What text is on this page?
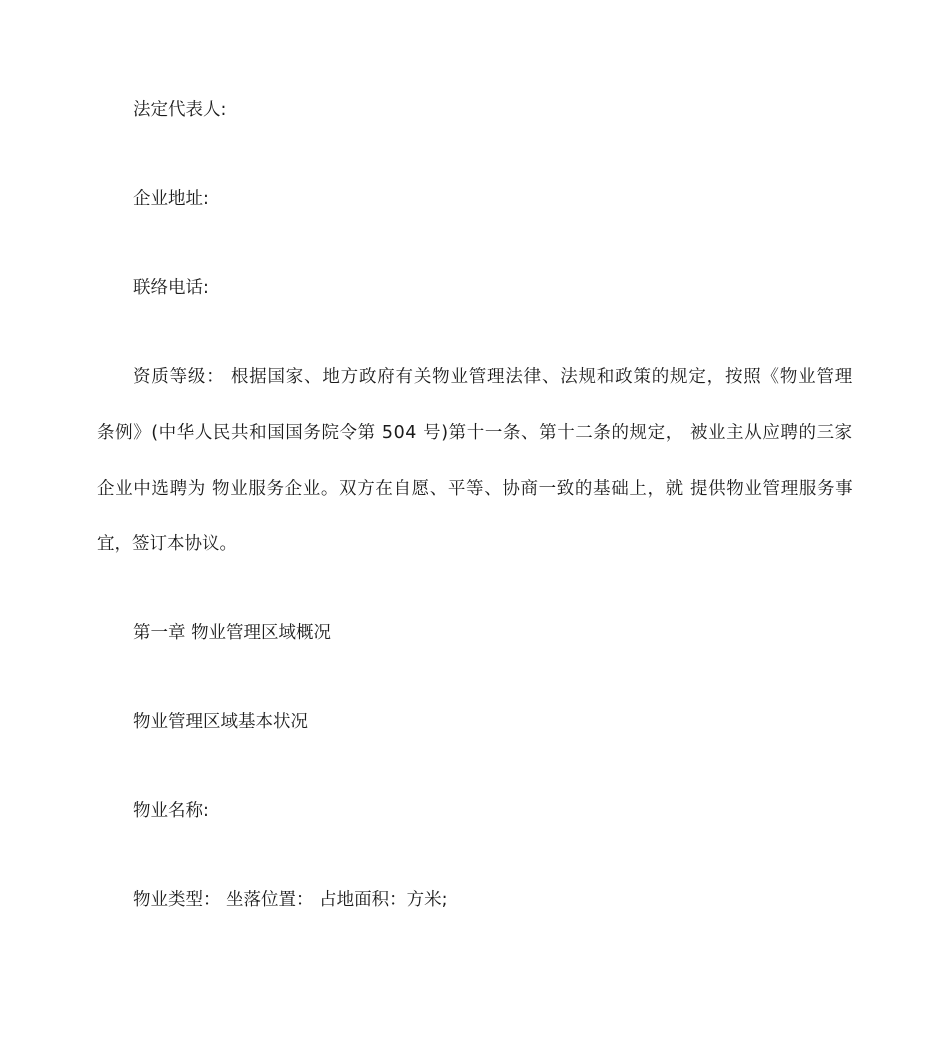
法定代表人:
企业地址:
联络电话:
资质等级： 根据国家、地方政府有关物业管理法律、法规和政策的规定，按照《物业管理
条例》(中华人民共和国国务院令第 504 号)第十一条、第十二条的规定， 被业主从应聘的三家
企业中选聘为 物业服务企业。双方在自愿、平等、协商一致的基础上，就 提供物业管理服务事
宜，签订本协议。
第一章 物业管理区域概况
物业管理区域基本状况
物业名称:
物业类型： 坐落位置： 占地面积：方米;
